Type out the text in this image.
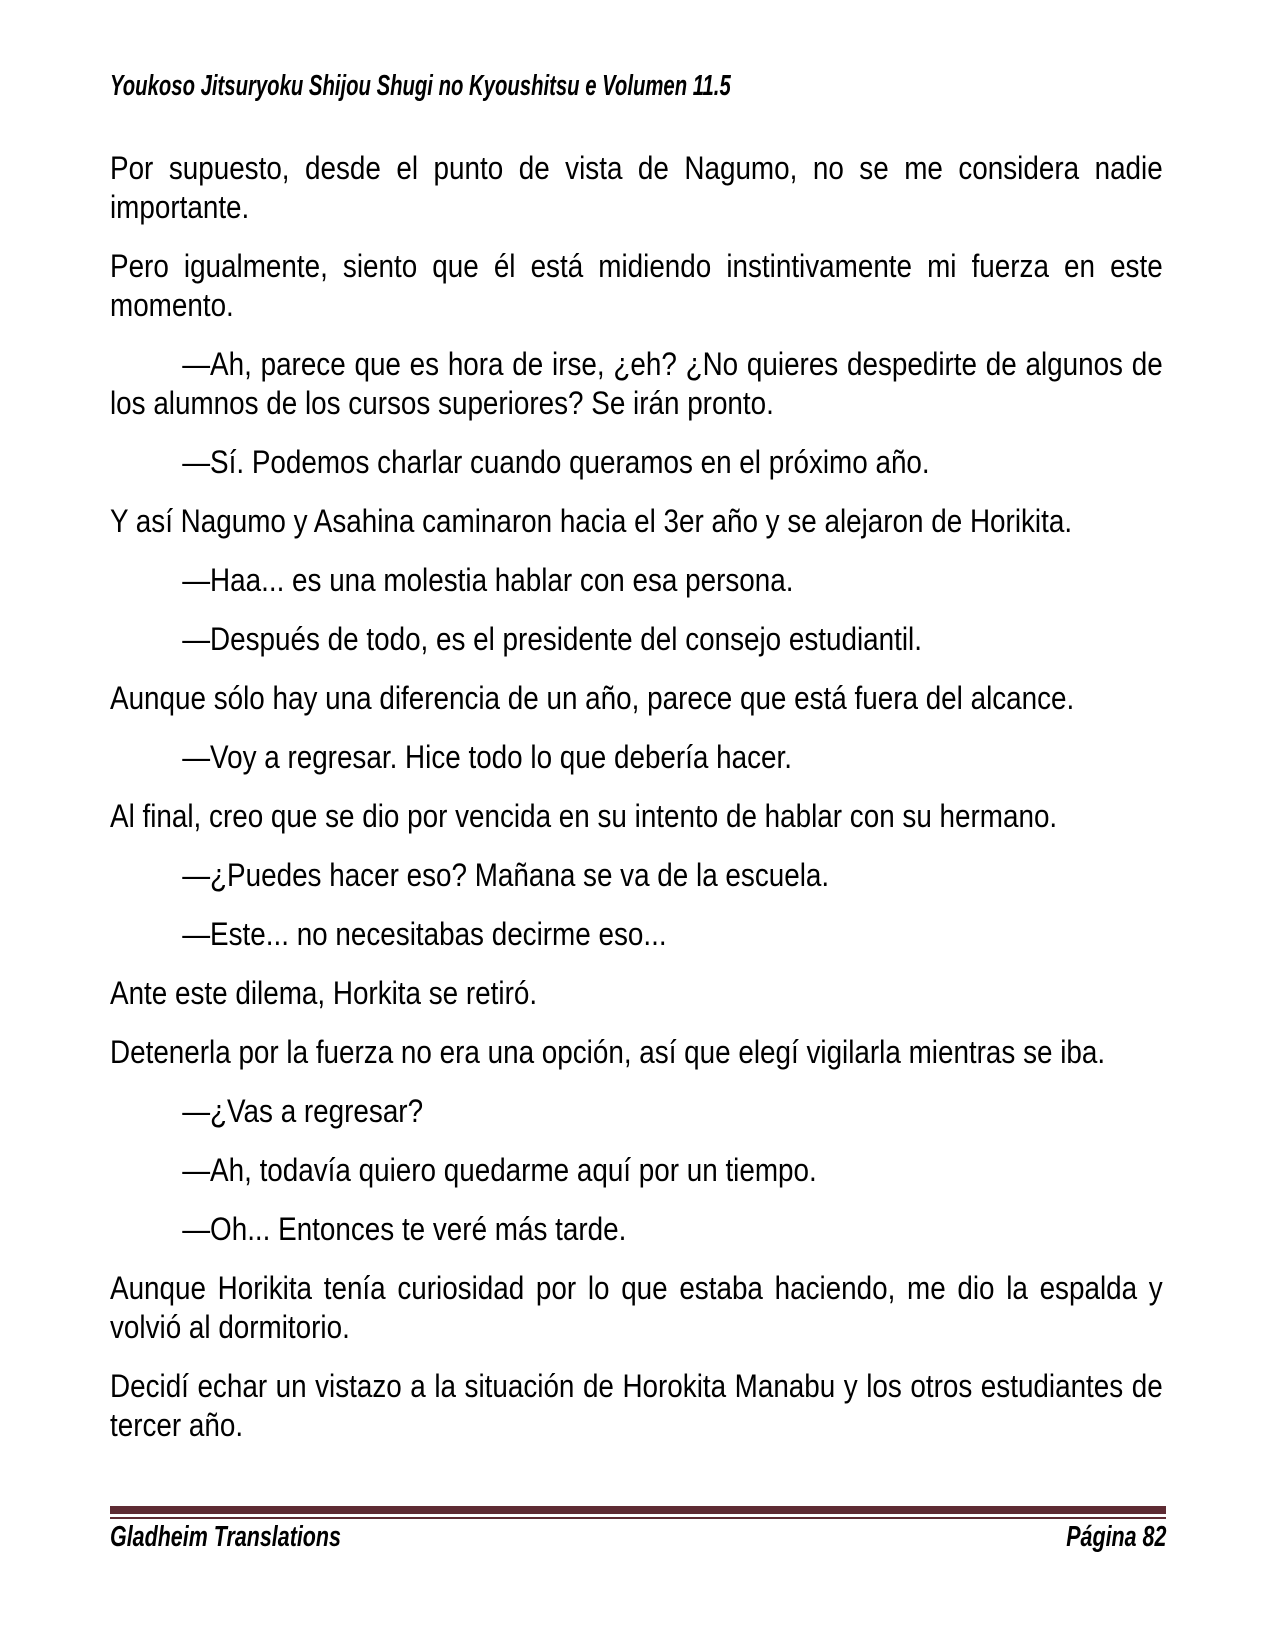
Youkoso Jitsuryoku Shijou Shugi no Kyoushitsu e Volumen 11.5

Por supuesto, desde el punto de vista de Nagumo, no se me considera nadie importante.

Pero igualmente, siento que él está midiendo instintivamente mi fuerza en este momento.

—Ah, parece que es hora de irse, ¿eh? ¿No quieres despedirte de algunos de los alumnos de los cursos superiores? Se irán pronto.

—Sí. Podemos charlar cuando queramos en el próximo año.

Y así Nagumo y Asahina caminaron hacia el 3er año y se alejaron de Horikita.

—Haa... es una molestia hablar con esa persona.

—Después de todo, es el presidente del consejo estudiantil.

Aunque sólo hay una diferencia de un año, parece que está fuera del alcance.

—Voy a regresar. Hice todo lo que debería hacer.

Al final, creo que se dio por vencida en su intento de hablar con su hermano.

—¿Puedes hacer eso? Mañana se va de la escuela.

—Este... no necesitabas decirme eso...

Ante este dilema, Horkita se retiró.

Detenerla por la fuerza no era una opción, así que elegí vigilarla mientras se iba.

—¿Vas a regresar?

—Ah, todavía quiero quedarme aquí por un tiempo.

—Oh... Entonces te veré más tarde.

Aunque Horikita tenía curiosidad por lo que estaba haciendo, me dio la espalda y volvió al dormitorio.

Decidí echar un vistazo a la situación de Horokita Manabu y los otros estudiantes de tercer año.

Gladheim Translations	Página 82
